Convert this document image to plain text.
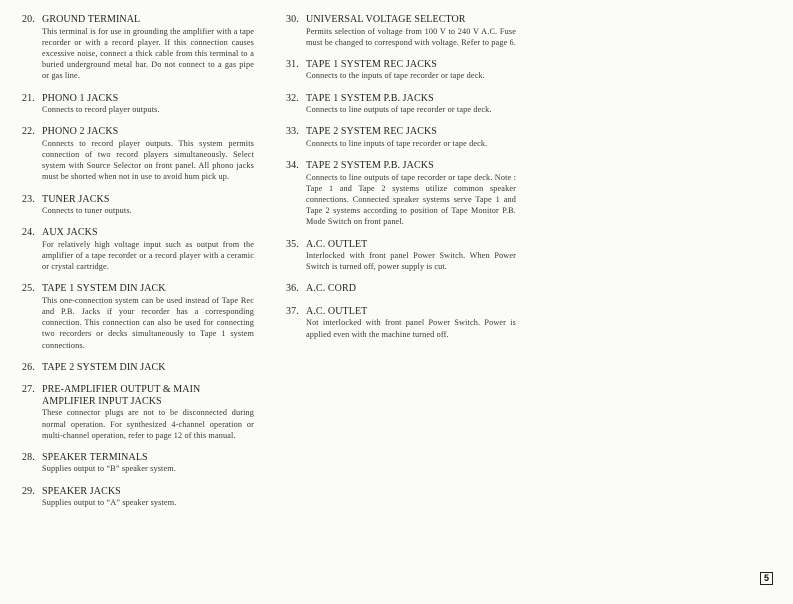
20. GROUND TERMINAL
This terminal is for use in grounding the amplifier with a tape recorder or with a record player. If this connection causes excessive noise, connect a thick cable from this terminal to a buried underground metal bar. Do not connect to a gas pipe or gas line.
21. PHONO 1 JACKS
Connects to record player outputs.
22. PHONO 2 JACKS
Connects to record player outputs. This system permits connection of two record players simultaneously. Select system with Source Selector on front panel. All phono jacks must be shorted when not in use to avoid hum pick up.
23. TUNER JACKS
Connects to tuner outputs.
24. AUX JACKS
For relatively high voltage input such as output from the amplifier of a tape recorder or a record player with a ceramic or crystal cartridge.
25. TAPE 1 SYSTEM DIN JACK
This one-connection system can be used instead of Tape Rec and P.B. Jacks if your recorder has a corresponding connection. This connection can also be used for connecting two recorders or decks simultaneously to Tape 1 system connections.
26. TAPE 2 SYSTEM DIN JACK
27. PRE-AMPLIFIER OUTPUT & MAIN AMPLIFIER INPUT JACKS
These connector plugs are not to be disconnected during normal operation. For synthesized 4-channel operation or multi-channel operation, refer to page 12 of this manual.
28. SPEAKER TERMINALS
Supplies output to “B” speaker system.
29. SPEAKER JACKS
Supplies output to “A” speaker system.
30. UNIVERSAL VOLTAGE SELECTOR
Permits selection of voltage from 100 V to 240 V A.C. Fuse must be changed to correspond with voltage. Refer to page 6.
31. TAPE 1 SYSTEM REC JACKS
Connects to the inputs of tape recorder or tape deck.
32. TAPE 1 SYSTEM P.B. JACKS
Connects to line outputs of tape recorder or tape deck.
33. TAPE 2 SYSTEM REC JACKS
Connects to line inputs of tape recorder or tape deck.
34. TAPE 2 SYSTEM P.B. JACKS
Connects to line outputs of tape recorder or tape deck. Note : Tape 1 and Tape 2 systems utilize common speaker connections. Connected speaker systems serve Tape 1 and Tape 2 systems according to position of Tape Monitor P.B. Mode Switch on front panel.
35. A.C. OUTLET
Interlocked with front panel Power Switch. When Power Switch is turned off, power supply is cut.
36. A.C. CORD
37. A.C. OUTLET
Not interlocked with front panel Power Switch. Power is applied even with the machine turned off.
5
